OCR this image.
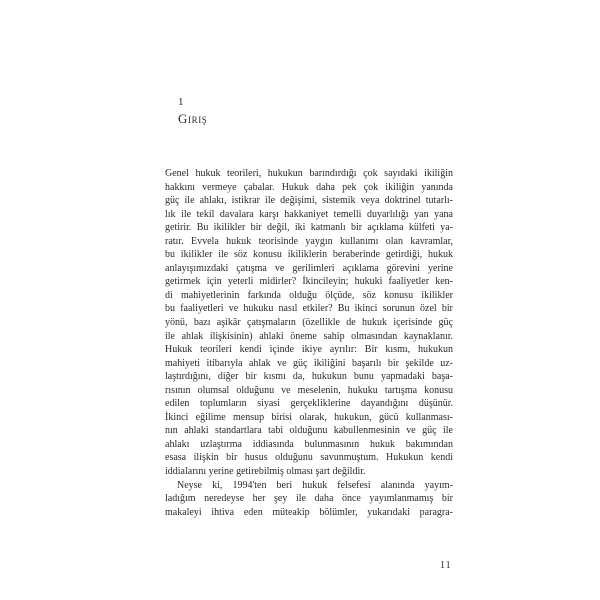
1
Giriş
Genel hukuk teorileri, hukukun barındırdığı çok sayıdaki ikiliğin
hakkını vermeye çabalar. Hukuk daha pek çok ikiliğin yanında
güç ile ahlakı, istikrar ile değişimi, sistemik veya doktrinel tutarlı-
lık ile tekil davalara karşı hakkaniyet temelli duyarlılığı yan yana
getirir. Bu ikilikler bir değil, iki katmanlı bir açıklama külfeti ya-
ratır. Evvela hukuk teorisinde yaygın kullanımı olan kavramlar,
bu ikilikler ile söz konusu ikiliklerin beraberinde getirdiği, hukuk
anlayışımızdaki çatışma ve gerilimleri açıklama görevini yerine
getirmek için yeterli midirler? İkincileyin; hukuki faaliyetler ken-
di mahiyetlerinin farkında olduğu ölçüde, söz konusu ikilikler
bu faaliyetleri ve hukuku nasıl etkiler? Bu ikinci sorunun özel bir
yönü, bazı aşikâr çatışmaların (özellikle de hukuk içerisinde güç
ile ahlak ilişkisinin) ahlaki öneme sahip olmasından kaynaklanır.
Hukuk teorileri kendi içinde ikiye ayrılır: Bir kısmı, hukukun
mahiyeti itibarıyla ahlak ve güç ikiliğini başarılı bir şekilde uz-
laştırdığını, diğer bir kısmı da, hukukun bunu yapmadaki başa-
rısının olumsal olduğunu ve meselenin, hukuku tartışma konusu
edilen toplumların siyasi gerçekliklerine dayandığını düşünür.
İkinci eğilime mensup birisi olarak, hukukun, gücü kullanması-
nın ahlaki standartlara tabi olduğunu kabullenmesinin ve güç ile
ahlakı uzlaştırma iddiasında bulunmasının hukuk bakımından
esasa ilişkin bir husus olduğunu savunmuştum. Hukukun kendi
iddialarını yerine getirebilmiş olması şart değildir.
Neyse ki, 1994'ten beri hukuk felsefesi alanında yayım-
ladığım neredeyse her şey ile daha önce yayımlanmamış bir
makaleyi ihtiva eden müteakip bölümler, yukarıdaki paragra-
11
